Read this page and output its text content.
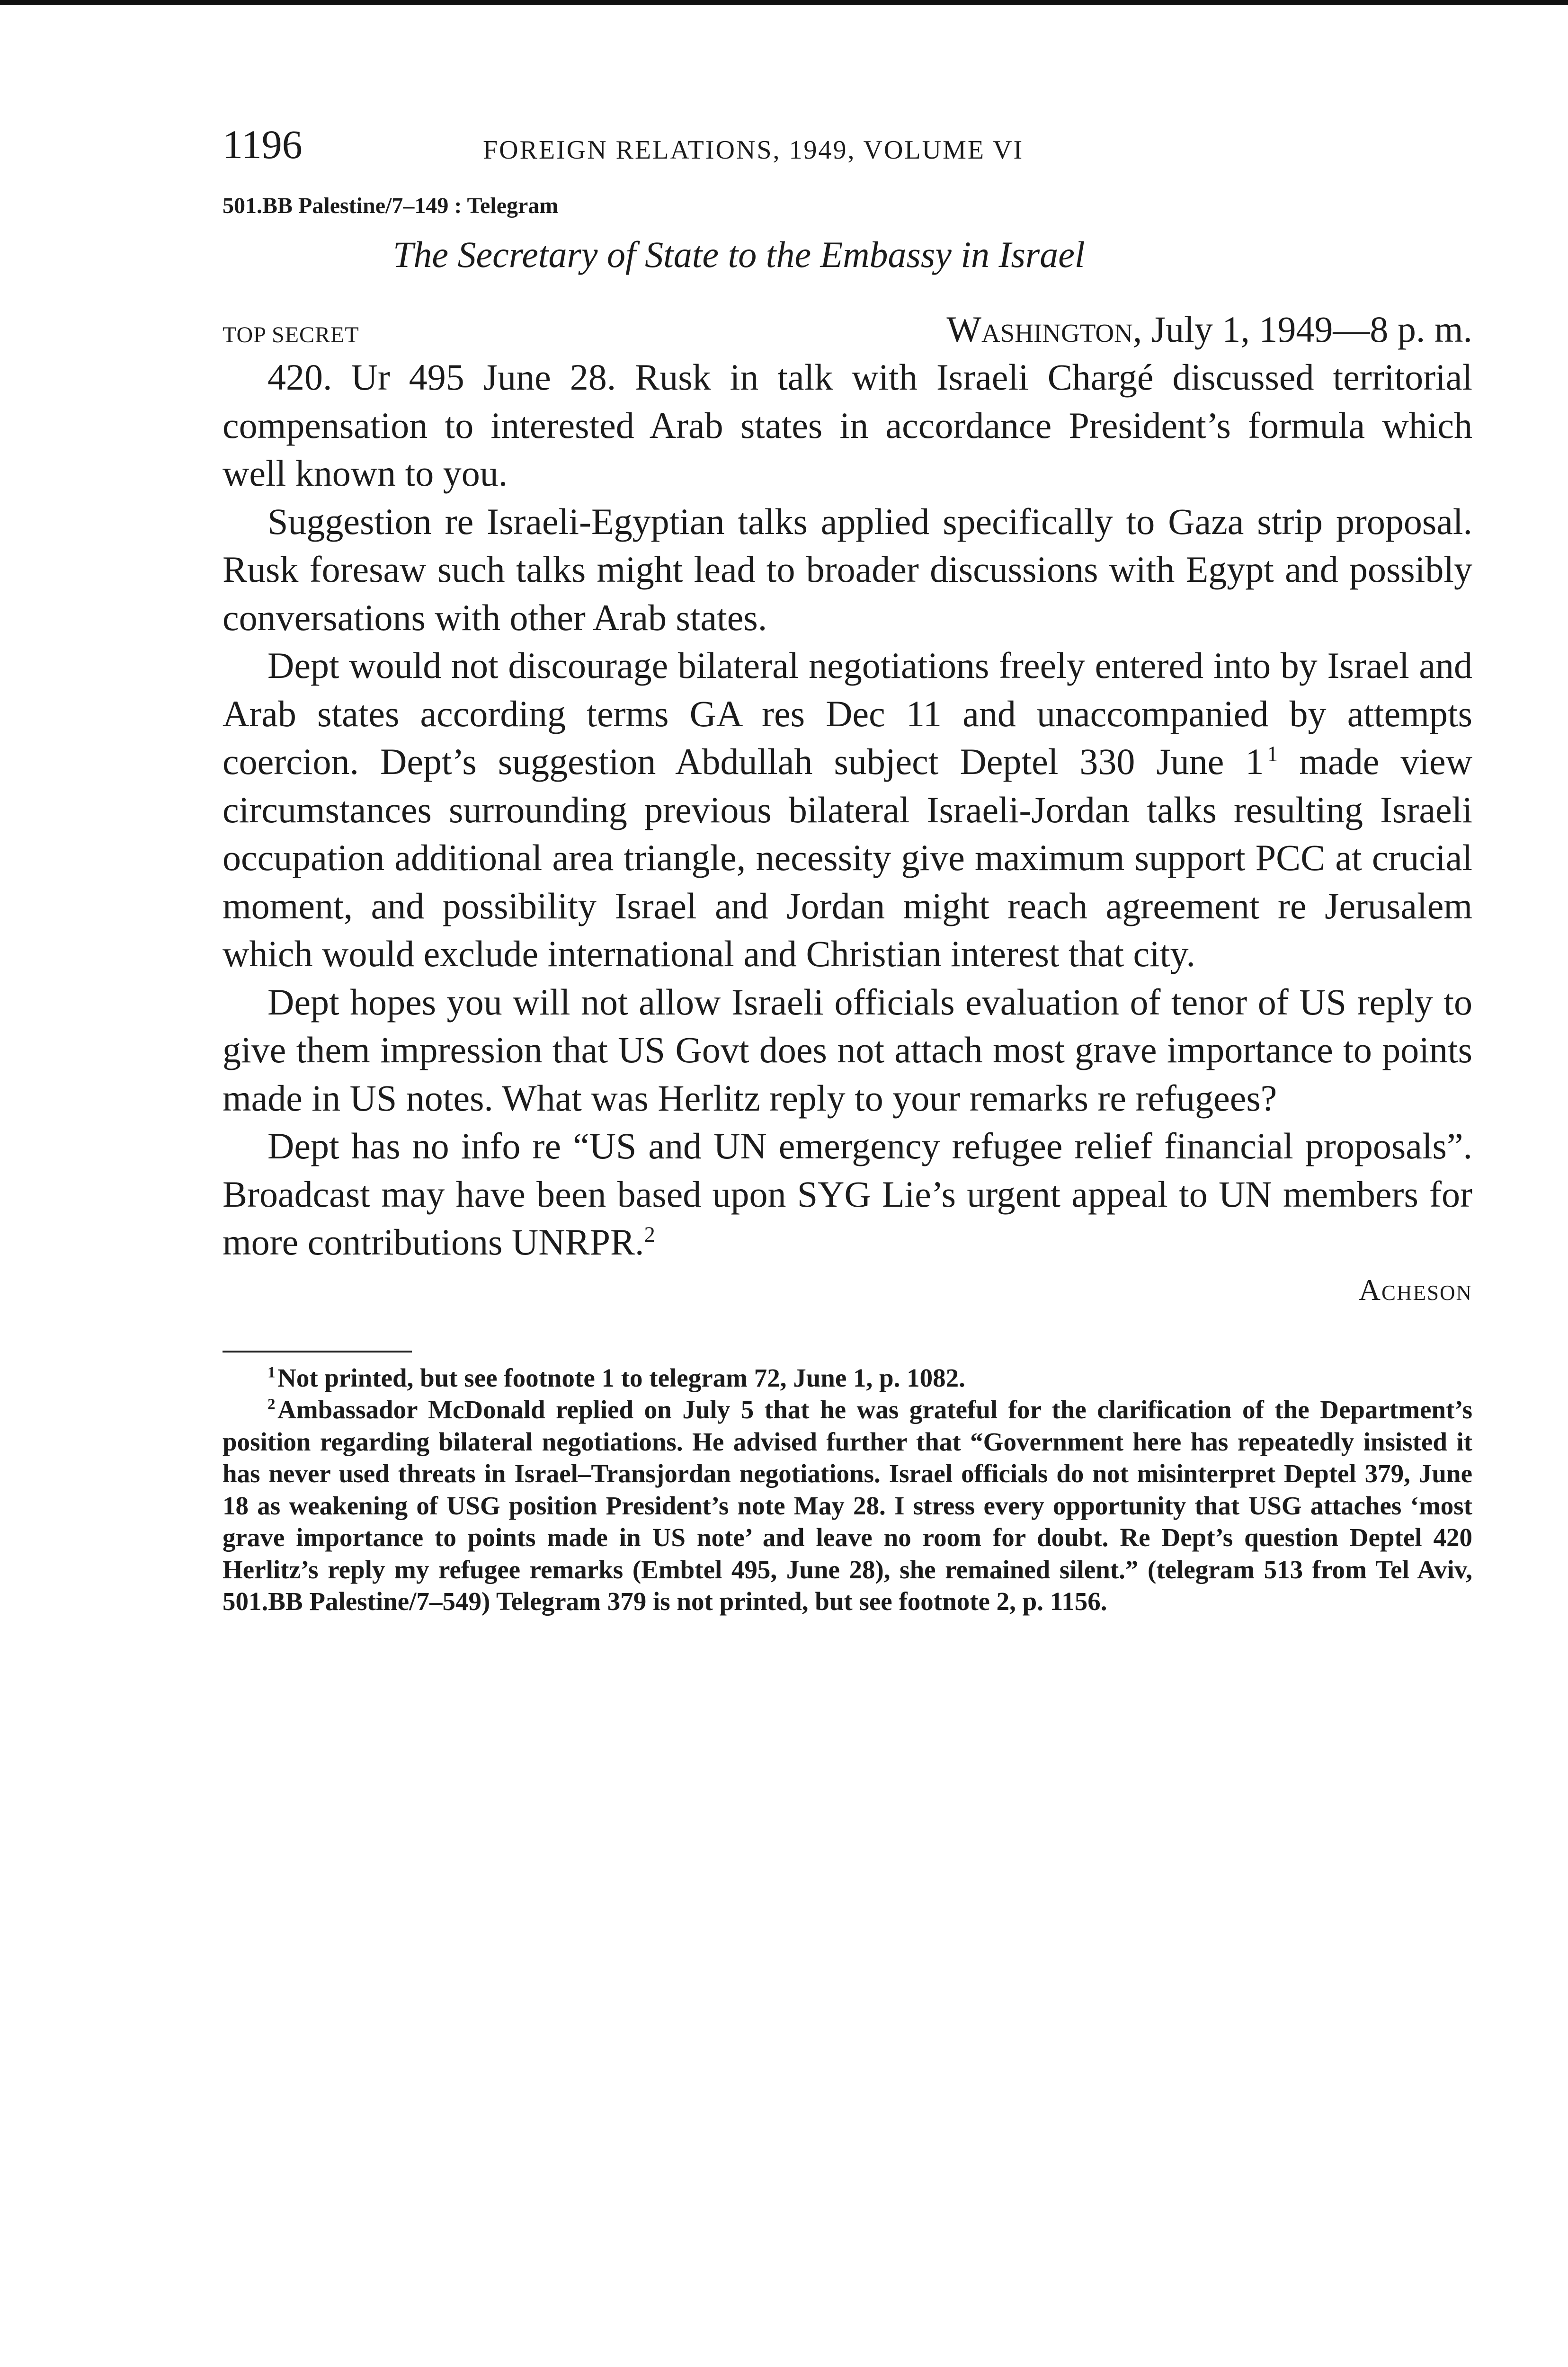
1196	FOREIGN RELATIONS, 1949, VOLUME VI
501.BB Palestine/7–149 : Telegram
The Secretary of State to the Embassy in Israel
TOP SECRET	Washington, July 1, 1949—8 p. m.

420. Ur 495 June 28. Rusk in talk with Israeli Chargé discussed territorial compensation to interested Arab states in accordance President’s formula which well known to you.

Suggestion re Israeli-Egyptian talks applied specifically to Gaza strip proposal. Rusk foresaw such talks might lead to broader discussions with Egypt and possibly conversations with other Arab states.

Dept would not discourage bilateral negotiations freely entered into by Israel and Arab states according terms GA res Dec 11 and unaccompanied by attempts coercion. Dept’s suggestion Abdullah subject Deptel 330 June 1  $^1$ made view circumstances surrounding previous bilateral Israeli-Jordan talks resulting Israeli occupation additional area triangle, necessity give maximum support PCC at crucial moment, and possibility Israel and Jordan might reach agreement re Jerusalem which would exclude international and Christian interest that city.

Dept hopes you will not allow Israeli officials evaluation of tenor of US reply to give them impression that US Govt does not attach most grave importance to points made in US notes. What was Herlitz reply to your remarks re refugees?

Dept has no info re “US and UN emergency refugee relief financial proposals”. Broadcast may have been based upon SYG Lie’s urgent appeal to UN members for more contributions UNRPR.$^2$

Acheson

$^1$ Not printed, but see footnote 1 to telegram 72, June 1, p. 1082.

$^2$ Ambassador McDonald replied on July 5 that he was grateful for the clarification of the Department’s position regarding bilateral negotiations. He advised further that “Government here has repeatedly insisted it has never used threats in Israel–Transjordan negotiations. Israel officials do not misinterpret Deptel 379, June 18 as weakening of USG position President’s note May 28. I stress every opportunity that USG attaches ‘most grave importance to points made in US note’ and leave no room for doubt. Re Dept’s question Deptel 420 Herlitz’s reply my refugee remarks (Embtel 495, June 28), she remained silent.” (telegram 513 from Tel Aviv, 501.BB Palestine/7–549) Telegram 379 is not printed, but see footnote 2, p. 1156.
